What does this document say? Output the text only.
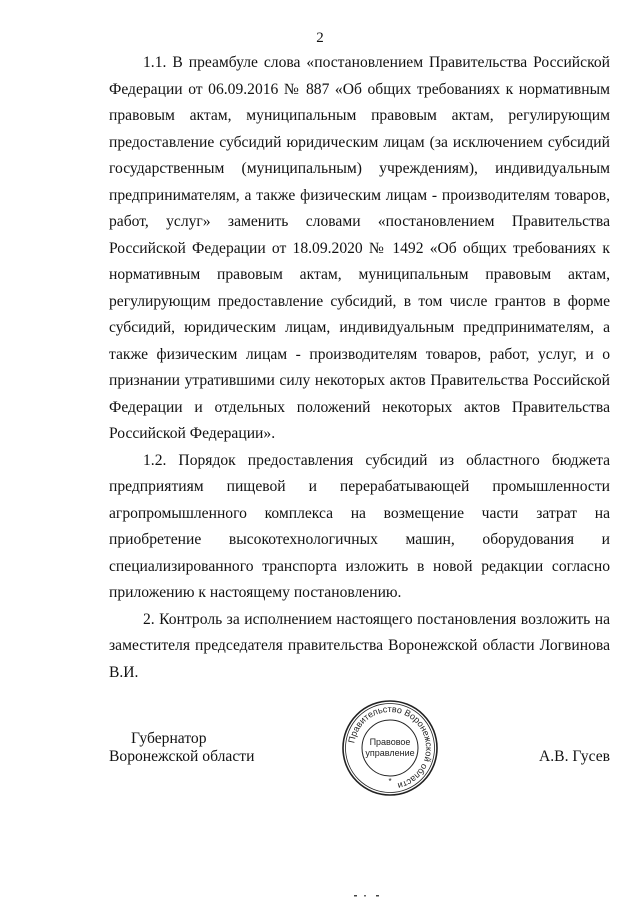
2

1.1. В преамбуле слова «постановлением Правительства Российской Федерации от 06.09.2016 № 887 «Об общих требованиях к нормативным правовым актам, муниципальным правовым актам, регулирующим предоставление субсидий юридическим лицам (за исключением субсидий государственным (муниципальным) учреждениям), индивидуальным предпринимателям, а также физическим лицам - производителям товаров, работ, услуг» заменить словами «постановлением Правительства Российской Федерации от 18.09.2020 № 1492 «Об общих требованиях к нормативным правовым актам, муниципальным правовым актам, регулирующим предоставление субсидий, в том числе грантов в форме субсидий, юридическим лицам, индивидуальным предпринимателям, а также физическим лицам - производителям товаров, работ, услуг, и о признании утратившими силу некоторых актов Правительства Российской Федерации и отдельных положений некоторых актов Правительства Российской Федерации».

1.2. Порядок предоставления субсидий из областного бюджета предприятиям пищевой и перерабатывающей промышленности агропромышленного комплекса на возмещение части затрат на приобретение высокотехнологичных машин, оборудования и специализированного транспорта изложить в новой редакции согласно приложению к настоящему постановлению.

2. Контроль за исполнением настоящего постановления возложить на заместителя председателя правительства Воронежской области Логвинова В.И.

Губернатор
Воронежской области	А.В. Гусев
Правительство Воронежской области
*
Правовое
управление
